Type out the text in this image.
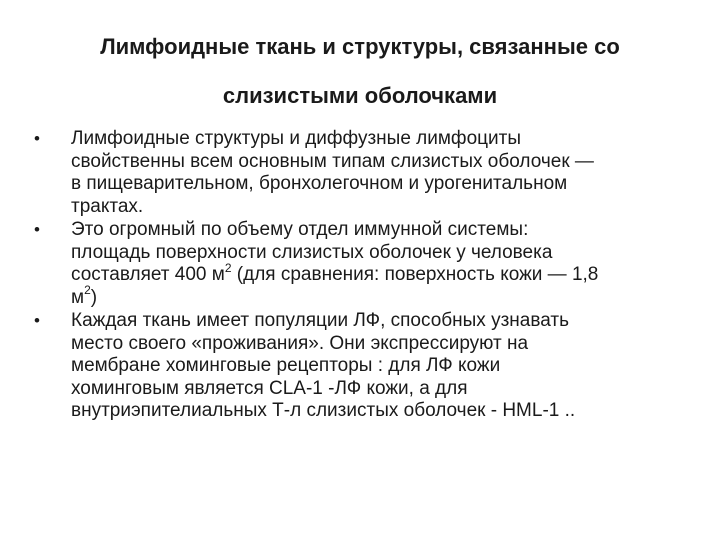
Лимфоидные ткань и структуры, связанные со
слизистыми оболочками
•	Лимфоидные структуры и диффузные лимфоциты
свойственны всем основным типам слизистых оболочек —
в пищеварительном, бронхолегочном и урогенитальном
трактах.
•	Это огромный по объему отдел иммунной системы:
площадь поверхности слизистых оболочек у человека
составляет 400 $м^2$ (для сравнения: поверхность кожи — 1,8
$м^2$)
•	Каждая ткань имеет популяции ЛФ, способных узнавать
место своего «проживания». Они экспрессируют на
мембране хоминговые рецепторы : для ЛФ кожи
хоминговым является CLA-1 -ЛФ кожи, а для
внутриэпителиальных Т-л слизистых оболочек - HML-1 ..
